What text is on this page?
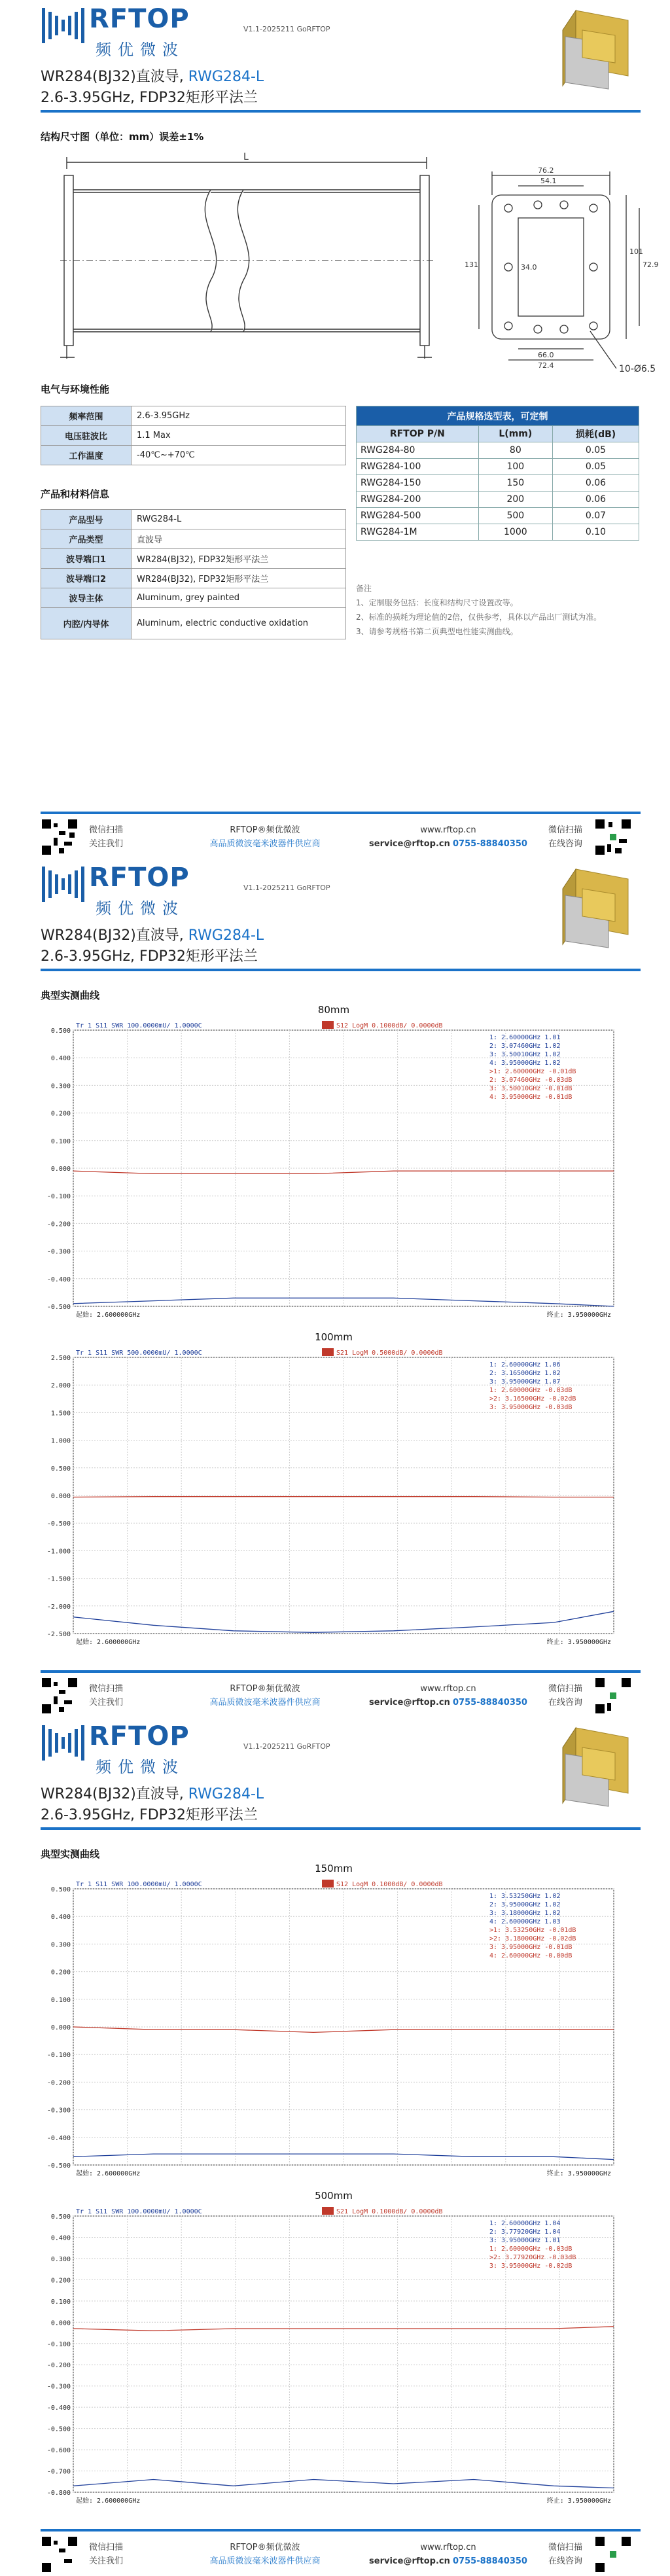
RFTOP
频优微波
V1.1-2025211 GoRFTOP
WR284(BJ32)直波导, RWG284-L
2.6-3.95GHz, FDP32矩形平法兰
结构尺寸图（单位：mm）误差±1%
L
76.2
54.1
101
72.9
131	34.0
66.0
72.4	10-Ø6.5
电气与环境性能
频率范围	2.6-3.95GHz
电压驻波比	1.1 Max
工作温度	-40℃~+70℃
产品和材料信息
产品型号	RWG284-L
产品类型	直波导
波导端口1	WR284(BJ32), FDP32矩形平法兰
波导端口2	WR284(BJ32), FDP32矩形平法兰
波导主体	Aluminum, grey painted
内腔/内导体	Aluminum, electric conductive oxidation
产品规格选型表，可定制		
RFTOP P/N	L(mm)	损耗(dB)
RWG284-80	80	0.05
RWG284-100	100	0.05
RWG284-150	150	0.06
RWG284-200	200	0.06
RWG284-500	500	0.07
RWG284-1M	1000	0.10
备注
1、定制服务包括：长度和结构尺寸设置改等。
2、标准的损耗为理论值的2倍，仅供参考，具体以产品出厂测试为准。
3、请参考规格书第二页典型电性能实测曲线。
微信扫描
关注我们
RFTOP®频优微波
高品质微波毫米波器件供应商
www.rftop.cn
service@rftop.cn 0755-88840350
微信扫描
在线咨询
RFTOP
频优微波
V1.1-2025211 GoRFTOP
WR284(BJ32)直波导, RWG284-L
2.6-3.95GHz, FDP32矩形平法兰
典型实测曲线
80mm
0.500
0.400
0.300
0.200
0.100
0.000
-0.100
-0.200
-0.300
-0.400
-0.500
Tr 1 S11 SWR 100.0000mU/ 1.0000C	S12 LogM 0.1000dB/ 0.0000dB
1: 2.60000GHz 1.01
2: 3.07460GHz 1.02
3: 3.50010GHz 1.02
4: 3.95000GHz 1.02
>1: 2.60000GHz -0.01dB
2: 3.07460GHz -0.03dB
3: 3.50010GHz -0.01dB
4: 3.95000GHz -0.01dB
起始: 2.600000GHz	终止: 3.950000GHz
100mm
2.500
2.000
1.500
1.000
0.500
0.000
-0.500
-1.000
-1.500
-2.000
-2.500
Tr 1 S11 SWR 500.0000mU/ 1.0000C	S21 LogM 0.5000dB/ 0.0000dB
1: 2.60000GHz 1.06
2: 3.16500GHz 1.02
3: 3.95000GHz 1.07
1: 2.60000GHz -0.03dB
>2: 3.16500GHz -0.02dB
3: 3.95000GHz -0.03dB
起始: 2.600000GHz	终止: 3.950000GHz
微信扫描
关注我们
RFTOP®频优微波
高品质微波毫米波器件供应商
www.rftop.cn
service@rftop.cn 0755-88840350
微信扫描
在线咨询
RFTOP
频优微波
V1.1-2025211 GoRFTOP
WR284(BJ32)直波导, RWG284-L
2.6-3.95GHz, FDP32矩形平法兰
典型实测曲线
150mm
0.500
0.400
0.300
0.200
0.100
0.000
-0.100
-0.200
-0.300
-0.400
-0.500
Tr 1 S11 SWR 100.0000mU/ 1.0000C	S12 LogM 0.1000dB/ 0.0000dB
1: 3.53250GHz 1.02
2: 3.95000GHz 1.02
3: 3.18000GHz 1.02
4: 2.60000GHz 1.03
>1: 3.53250GHz -0.01dB
>2: 3.18000GHz -0.02dB
3: 3.95000GHz -0.01dB
4: 2.60000GHz -0.00dB
起始: 2.600000GHz	终止: 3.950000GHz
500mm
0.500
0.400
0.300
0.200
0.100
0.000
-0.100
-0.200
-0.300
-0.400
-0.500
-0.600
-0.700
-0.800
Tr 1 S11 SWR 100.0000mU/ 1.0000C	S21 LogM 0.1000dB/ 0.0000dB
1: 2.60000GHz 1.04
2: 3.77920GHz 1.04
3: 3.95000GHz 1.01
1: 2.60000GHz -0.03dB
>2: 3.77920GHz -0.03dB
3: 3.95000GHz -0.02dB
起始: 2.600000GHz	终止: 3.950000GHz
微信扫描
关注我们
RFTOP®频优微波
高品质微波毫米波器件供应商
www.rftop.cn
service@rftop.cn 0755-88840350
微信扫描
在线咨询
